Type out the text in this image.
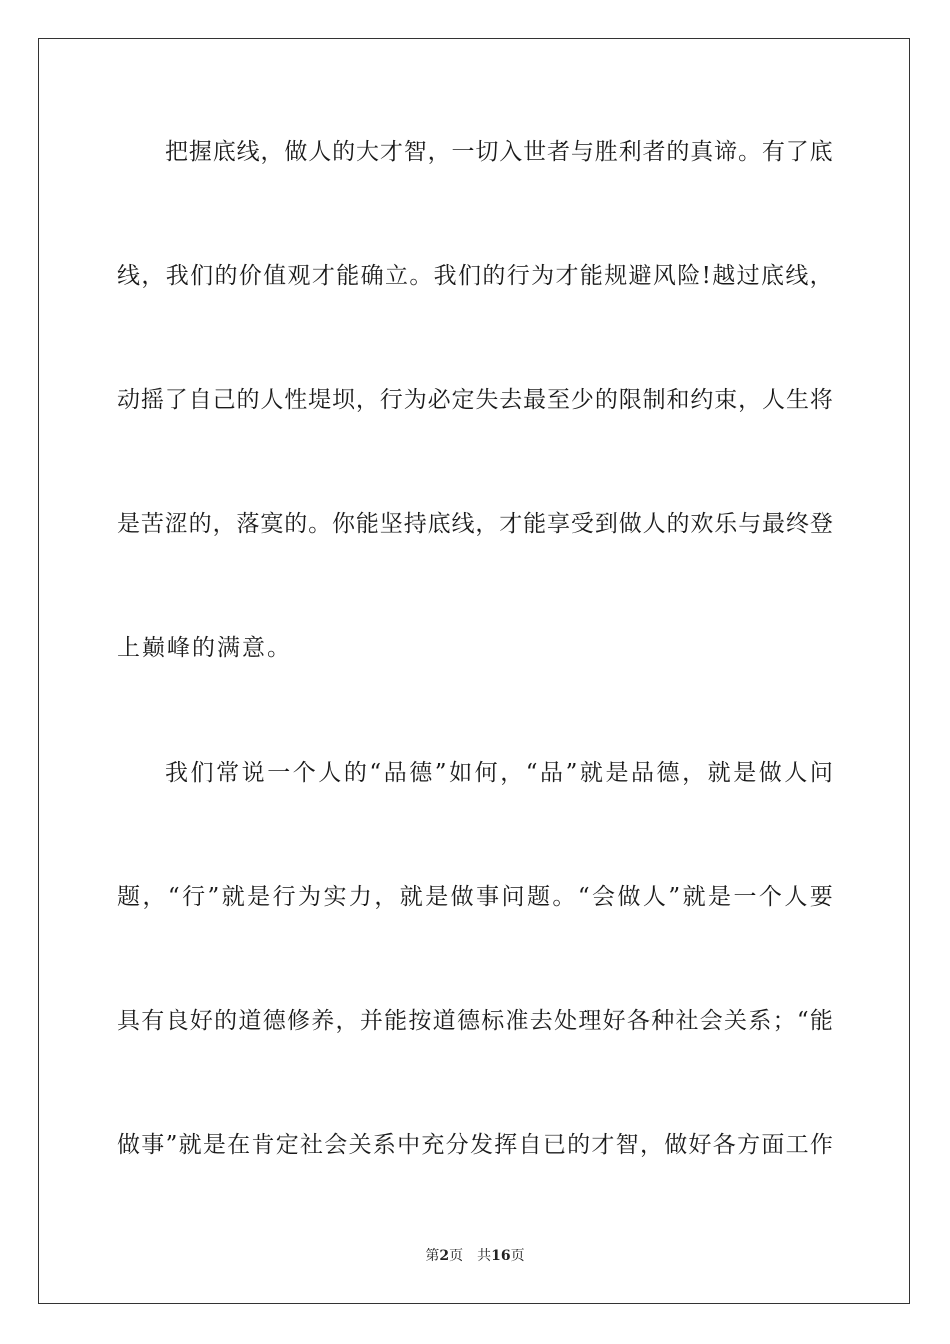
把 握 底 线 ， 做 人 的 大 才 智 ， 一 切 入 世 者 与 胜 利 者 的 真 谛 。 有 了 底
线 ， 我 们 的 价 值 观 才 能 确 立 。 我 们 的 行 为 才 能 规 避 风 险 ! 越 过 底 线 ，
动 摇 了 自 己 的 人 性 堤 坝 ， 行 为 必 定 失 去 最 至 少 的 限 制 和 约 束 ， 人 生 将
是 苦 涩 的 ， 落 寞 的 。 你 能 坚 持 底 线 ， 才 能 享 受 到 做 人 的 欢 乐 与 最 终 登
上巅峰的满意。
我 们 常 说 一 个 人 的 “ 品 德 ” 如 何 ， “ 品 ” 就 是 品 德 ， 就 是 做 人 问
题 ， “ 行 ” 就 是 行 为 实 力 ， 就 是 做 事 问 题 。 “ 会 做 人 ” 就 是 一 个 人 要
具 有 良 好 的 道 德 修 养 ， 并 能 按 道 德 标 准 去 处 理 好 各 种 社 会 关 系 ； “ 能
做 事 ” 就 是 在 肯 定 社 会 关 系 中 充 分 发 挥 自 已 的 才 智 ， 做 好 各 方 面 工 作
第2页 共16页
